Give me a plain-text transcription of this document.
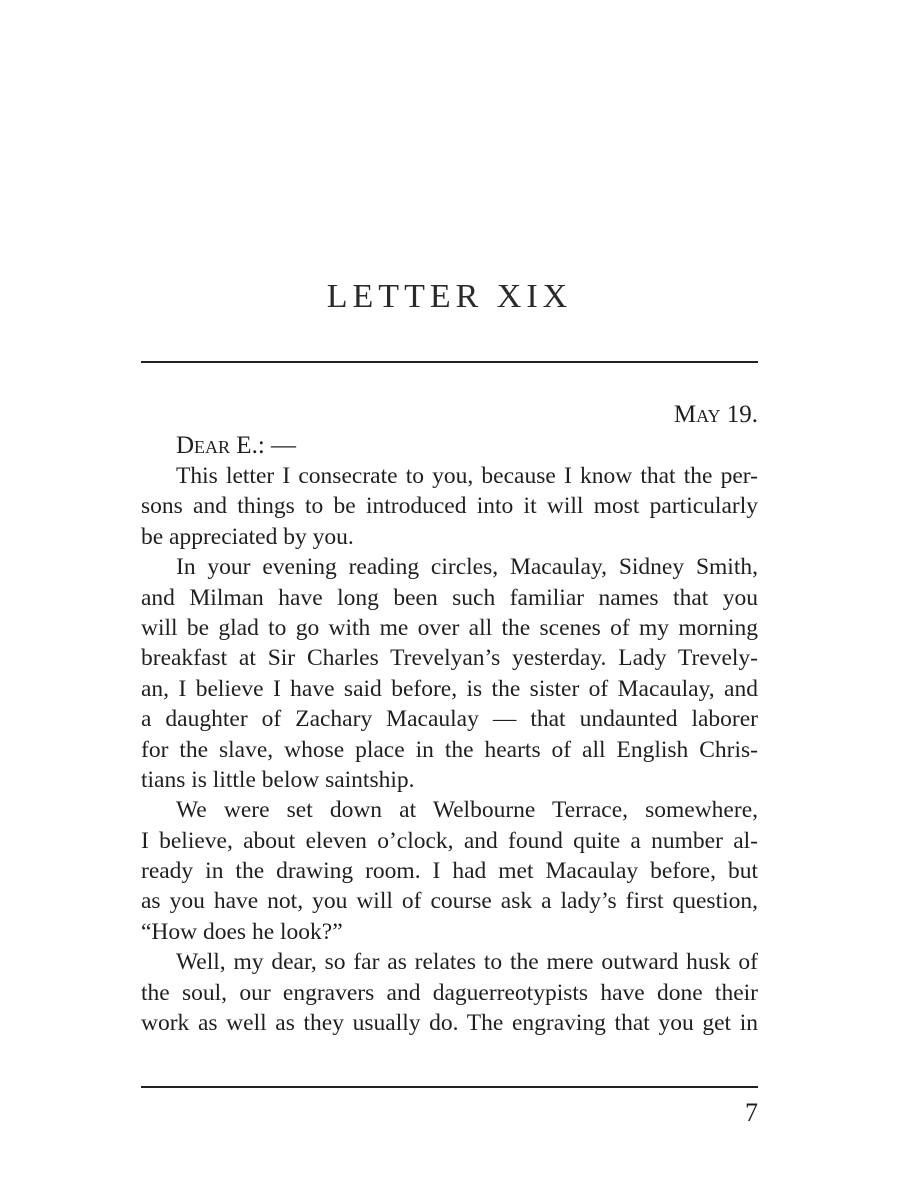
LETTER XIX
May 19.
Dear E.: —
This letter I consecrate to you, because I know that the per-
sons and things to be introduced into it will most particularly
be appreciated by you.
In your evening reading circles, Macaulay, Sidney Smith,
and Milman have long been such familiar names that you
will be glad to go with me over all the scenes of my morning
breakfast at Sir Charles Trevelyan’s yesterday. Lady Trevely-
an, I believe I have said before, is the sister of Macaulay, and
a daughter of Zachary Macaulay — that undaunted laborer
for the slave, whose place in the hearts of all English Chris-
tians is little below saintship.
We were set down at Welbourne Terrace, somewhere,
I believe, about eleven o’clock, and found quite a number al-
ready in the drawing room. I had met Macaulay before, but
as you have not, you will of course ask a lady’s first question,
“How does he look?”
Well, my dear, so far as relates to the mere outward husk of
the soul, our engravers and daguerreotypists have done their
work as well as they usually do. The engraving that you get in
7
